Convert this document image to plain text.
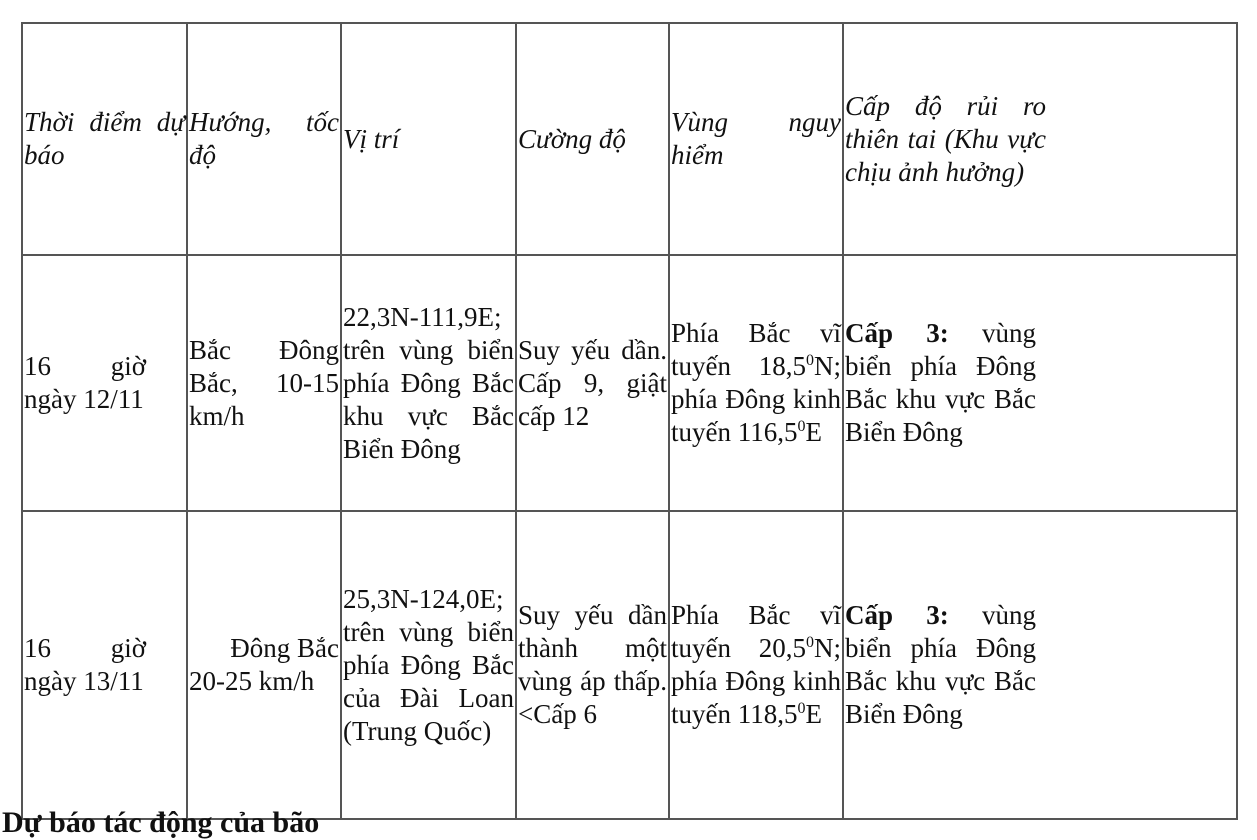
Thời điểm dự báo	Hướng, tốc độ	Vị trí	Cường độ	Vùng nguy hiểm	Cấp độ rủi ro thiên tai (Khu vực chịu ảnh hưởng)
16 giờ ngày 12/11	Bắc Đông Bắc, 10-15 km/h	22,3N-111,9E; trên vùng biển phía Đông Bắc khu vực Bắc Biển Đông	Suy yếu dần. Cấp 9, giật cấp 12	Phía Bắc vĩ tuyến 18,5$^0$N; phía Đông kinh tuyến 116,5$^0$E	Cấp 3: vùng biển phía Đông Bắc khu vực Bắc Biển Đông
16 giờ ngày 13/11	Đông Bắc 20-25 km/h	25,3N-124,0E; trên vùng biển phía Đông Bắc của Đài Loan (Trung Quốc)	Suy yếu dần thành một vùng áp thấp. <Cấp 6	Phía Bắc vĩ tuyến 20,5$^0$N; phía Đông kinh tuyến 118,5$^0$E	Cấp 3: vùng biển phía Đông Bắc khu vực Bắc Biển Đông
Dự báo tác động của bão
